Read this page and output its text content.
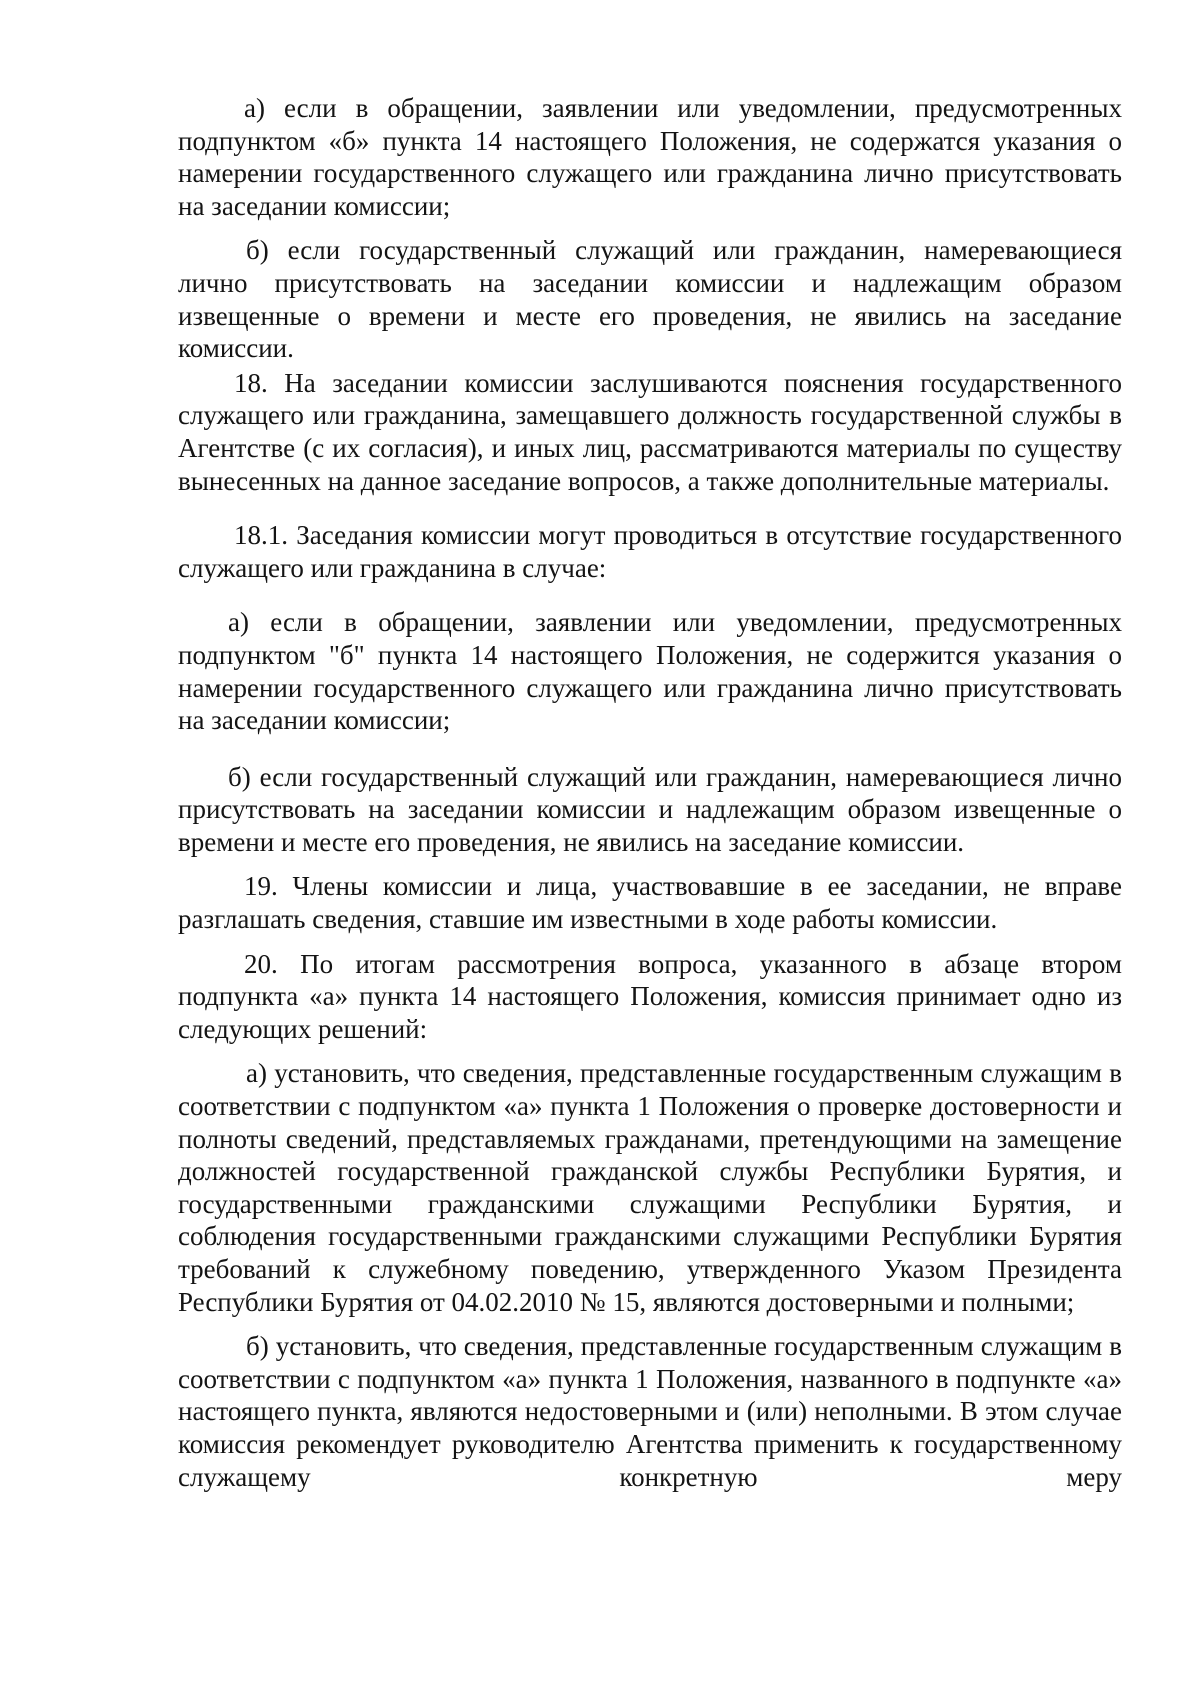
а) если в обращении, заявлении или уведомлении, предусмотренных подпунктом «б» пункта 14 настоящего Положения, не содержатся указания о намерении государственного служащего или гражданина лично присутствовать на заседании комиссии;

б) если государственный служащий или гражданин, намеревающиеся лично присутствовать на заседании комиссии и надлежащим образом извещенные о времени и месте его проведения, не явились на заседание комиссии.

18. На заседании комиссии заслушиваются пояснения государственного служащего или гражданина, замещавшего должность государственной службы в Агентстве (с их согласия), и иных лиц, рассматриваются материалы по существу вынесенных на данное заседание вопросов, а также дополнительные материалы.

18.1. Заседания комиссии могут проводиться в отсутствие государственного служащего или гражданина в случае:

а) если в обращении, заявлении или уведомлении, предусмотренных подпунктом "б" пункта 14 настоящего Положения, не содержится указания о намерении государственного служащего или гражданина лично присутствовать на заседании комиссии;

б) если государственный служащий или гражданин, намеревающиеся лично присутствовать на заседании комиссии и надлежащим образом извещенные о времени и месте его проведения, не явились на заседание комиссии.

19. Члены комиссии и лица, участвовавшие в ее заседании, не вправе разглашать сведения, ставшие им известными в ходе работы комиссии.

20. По итогам рассмотрения вопроса, указанного в абзаце втором подпункта «а» пункта 14 настоящего Положения, комиссия принимает одно из следующих решений:

а) установить, что сведения, представленные государственным служащим в соответствии с подпунктом «а» пункта 1 Положения о проверке достоверности и полноты сведений, представляемых гражданами, претендующими на замещение должностей государственной гражданской службы Республики Бурятия, и государственными гражданскими служащими Республики Бурятия, и соблюдения государственными гражданскими служащими Республики Бурятия требований к служебному поведению, утвержденного Указом Президента Республики Бурятия от 04.02.2010 № 15, являются достоверными и полными;

б) установить, что сведения, представленные государственным служащим в соответствии с подпунктом «а» пункта 1 Положения, названного в подпункте «а» настоящего пункта, являются недостоверными и (или) неполными. В этом случае комиссия рекомендует руководителю Агентства применить к государственному служащему конкретную меру
